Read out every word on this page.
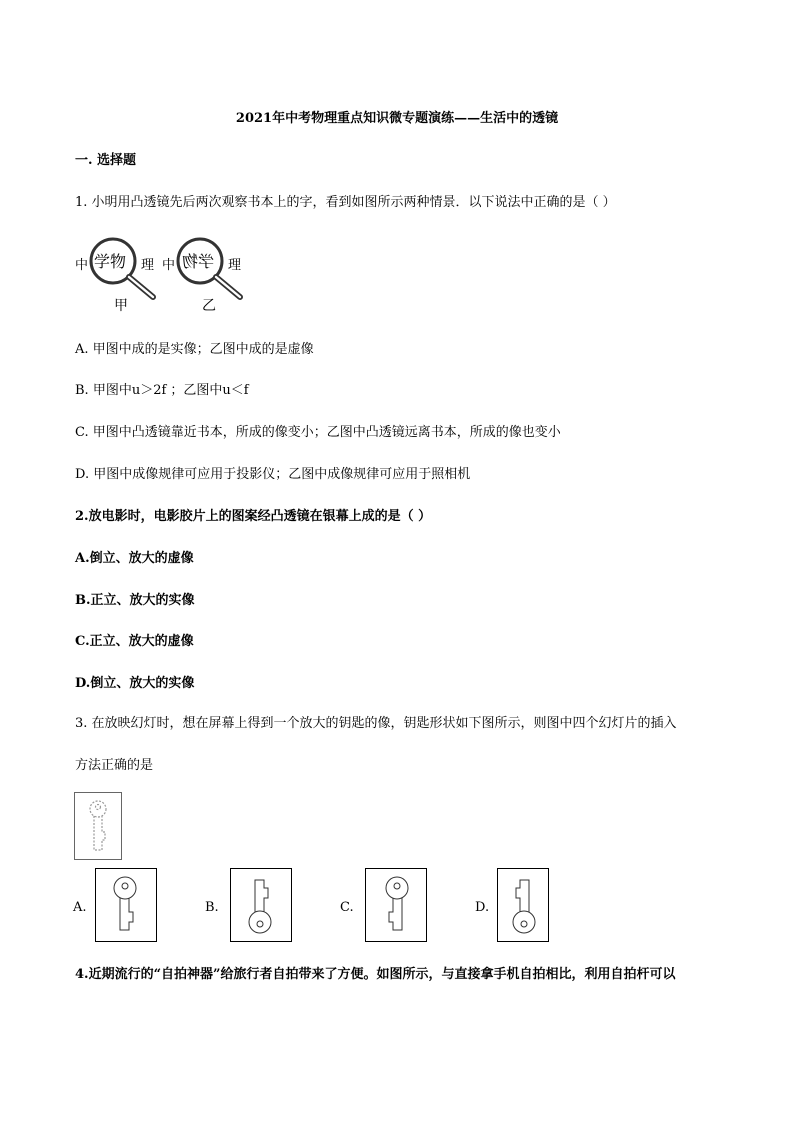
2021年中考物理重点知识微专题演练——生活中的透镜
一. 选择题
1. 小明用凸透镜先后两次观察书本上的字，看到如图所示两种情景．以下说法中正确的是（ ）
中 学物 理
甲
中 学物 理
乙
A. 甲图中成的是实像；乙图中成的是虚像
B. 甲图中u＞2f ；乙图中u＜f
C. 甲图中凸透镜靠近书本，所成的像变小；乙图中凸透镜远离书本，所成的像也变小
D. 甲图中成像规律可应用于投影仪；乙图中成像规律可应用于照相机
2.放电影时，电影胶片上的图案经凸透镜在银幕上成的是（ ）
A.倒立、放大的虚像
B.正立、放大的实像
C.正立、放大的虚像
D.倒立、放大的实像
3. 在放映幻灯时，想在屏幕上得到一个放大的钥匙的像，钥匙形状如下图所示，则图中四个幻灯片的插入
方法正确的是
A.	B.	C.	D.
4.近期流行的“自拍神器”给旅行者自拍带来了方便。如图所示，与直接拿手机自拍相比，利用自拍杆可以
